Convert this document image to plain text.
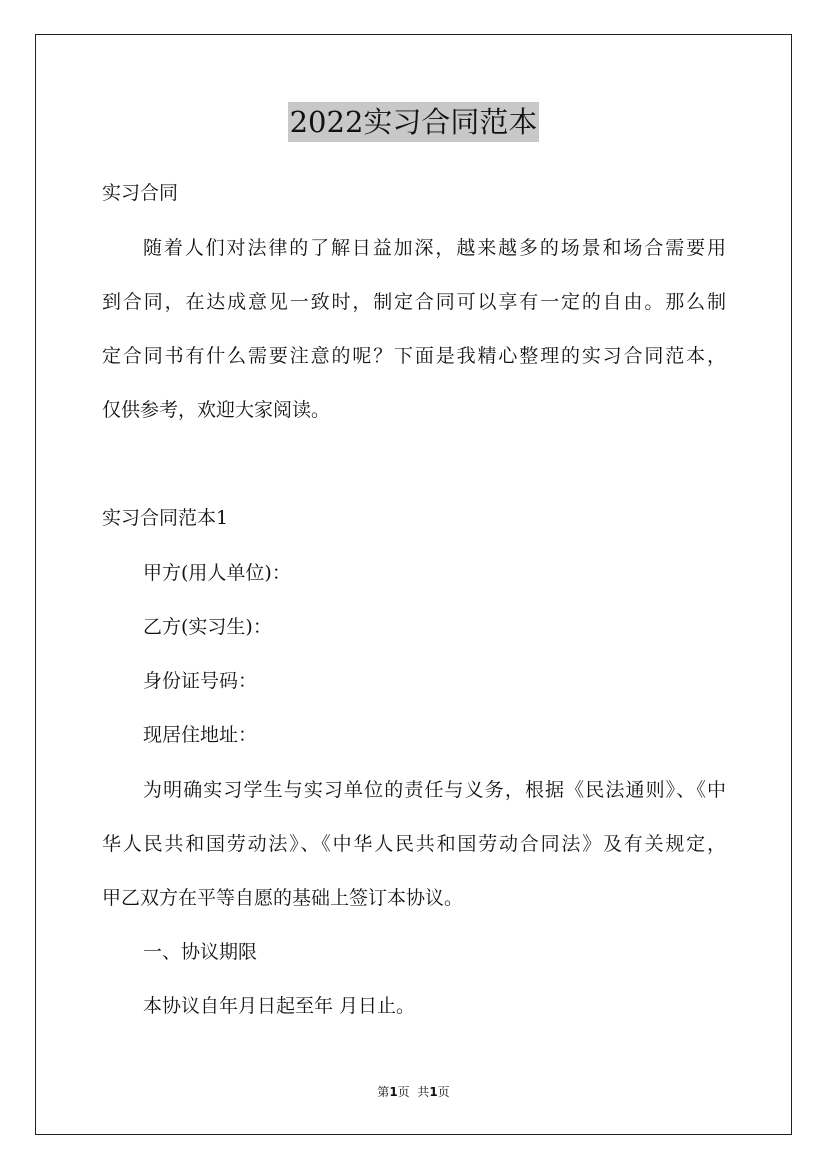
2022实习合同范本
实习合同
随着人们对法律的了解日益加深，越来越多的场景和场合需要用
到合同，在达成意见一致时，制定合同可以享有一定的自由。那么制
定合同书有什么需要注意的呢？下面是我精心整理的实习合同范本，
仅供参考，欢迎大家阅读。
实习合同范本1
甲方(用人单位)：
乙方(实习生)：
身份证号码：
现居住地址：
为明确实习学生与实习单位的责任与义务，根据《民法通则》、《中
华人民共和国劳动法》、《中华人民共和国劳动合同法》及有关规定，
甲乙双方在平等自愿的基础上签订本协议。
一、协议期限
本协议自年月日起至年 月日止。
第1页  共1页
